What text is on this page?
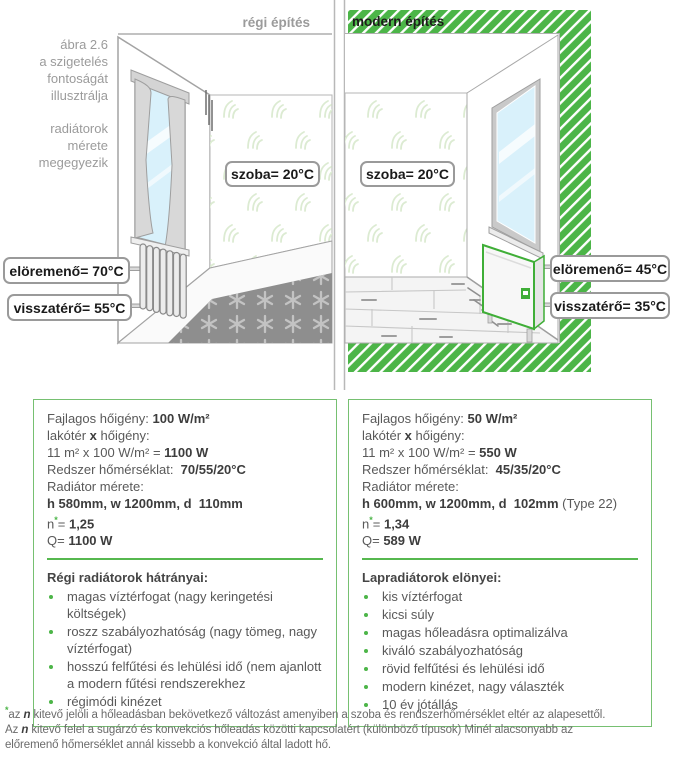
ábra 2.6
a szigetelés
fontoságát
illusztrálja
radiátorok
mérete
megegyezik
régi építés	modern építés
szoba= 20°C	szoba= 20°C
elöremenő= 70°C
visszatérő= 55°C
elöremenő= 45°C
visszatérő= 35°C
Fajlagos hőigény: 100 W/m²
lakótér x hőigény:
11 m² x 100 W/m² = 1100 W
Redszer hőmérséklat:  70/55/20°C
Radiátor mérete:
h 580mm, w 1200mm, d  110mm
n*= 1,25
Q= 1100 W
Régi radiátorok hátrányai:
• magas víztérfogat (nagy keringetési költségek)
• roszz szabályozhatóság (nagy tömeg, nagy víztérfogat)
• hosszú felfűtési és lehülési idő (nem ajanlott a modern fűtési rendszerekhez
• régimódi kinézet
Fajlagos hőigény: 50 W/m²
lakótér x hőigény:
11 m² x 100 W/m² = 550 W
Redszer hőmérséklat:  45/35/20°C
Radiátor mérete:
h 600mm, w 1200mm, d  102mm (Type 22)
n*= 1,34
Q= 589 W
Lapradiátorok elönyei:
• kis víztérfogat
• kicsi súly
• magas hőleadásra optimalizálva
• kiváló szabályozhatóság
• rövid felfűtési és lehülési idő
• modern kinézet, nagy választék
• 10 év jótállás
*az n kitevő jelöli a hőleadásban bekövetkező változást amenyiben a szoba és rendszerhőmérséklet eltér az alapesettől.
Az n kitevő felel a sugárzó és konvekciós hőleadás közötti kapcsolatért (különböző típusok) Minél alacsonyabb az
előremenő hőmerséklet annál kissebb a konvekció által ladott hő.
